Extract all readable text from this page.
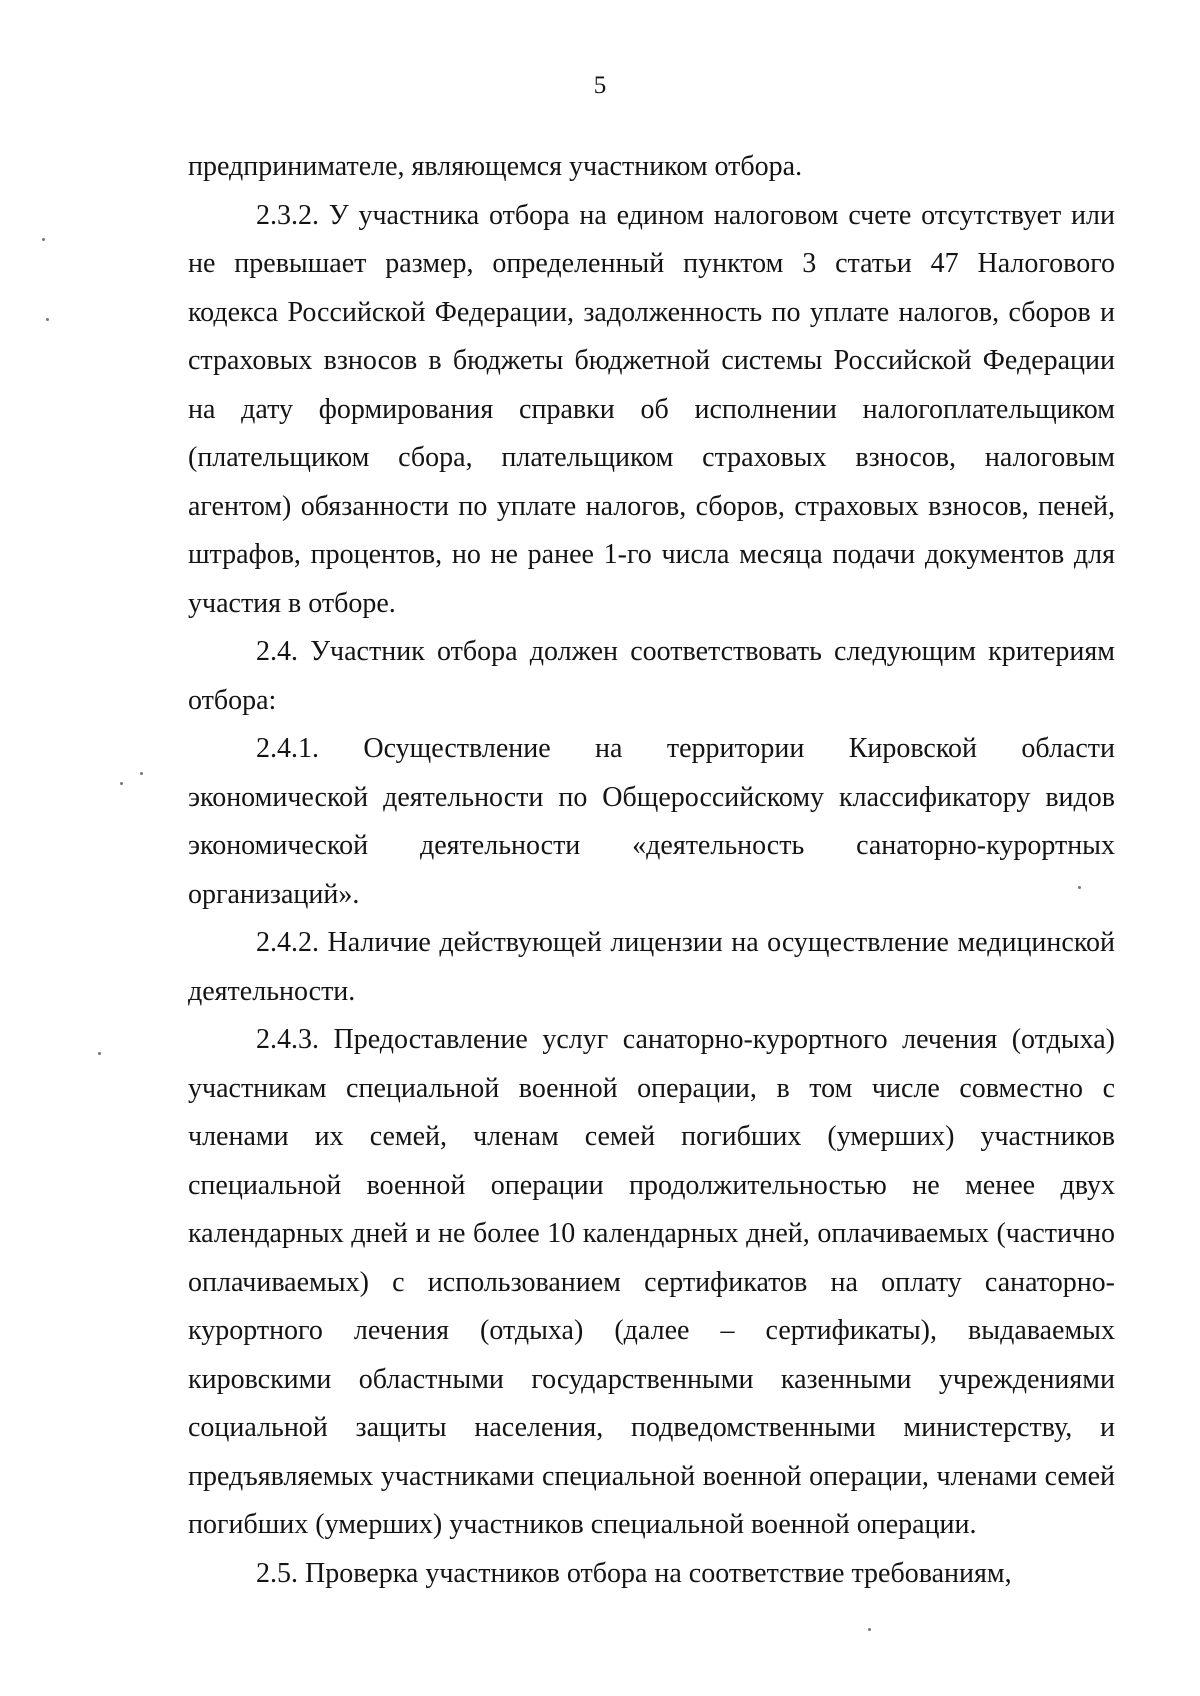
5

предпринимателе, являющемся участником отбора.

2.3.2. У участника отбора на едином налоговом счете отсутствует или не превышает размер, определенный пунктом 3 статьи 47 Налогового кодекса Российской Федерации, задолженность по уплате налогов, сборов и страховых взносов в бюджеты бюджетной системы Российской Федерации на дату формирования справки об исполнении налогоплательщиком (плательщиком сбора, плательщиком страховых взносов, налоговым агентом) обязанности по уплате налогов, сборов, страховых взносов, пеней, штрафов, процентов, но не ранее 1-го числа месяца подачи документов для участия в отборе.

2.4. Участник отбора должен соответствовать следующим критериям отбора:

2.4.1. Осуществление на территории Кировской области экономической деятельности по Общероссийскому классификатору видов экономической деятельности «деятельность санаторно-курортных организаций».

2.4.2. Наличие действующей лицензии на осуществление медицинской деятельности.

2.4.3. Предоставление услуг санаторно-курортного лечения (отдыха) участникам специальной военной операции, в том числе совместно с членами их семей, членам семей погибших (умерших) участников специальной военной операции продолжительностью не менее двух календарных дней и не более 10 календарных дней, оплачиваемых (частично оплачиваемых) с использованием сертификатов на оплату санаторно-курортного лечения (отдыха) (далее – сертификаты), выдаваемых кировскими областными государственными казенными учреждениями социальной защиты населения, подведомственными министерству, и предъявляемых участниками специальной военной операции, членами семей погибших (умерших) участников специальной военной операции.

2.5. Проверка участников отбора на соответствие требованиям,
